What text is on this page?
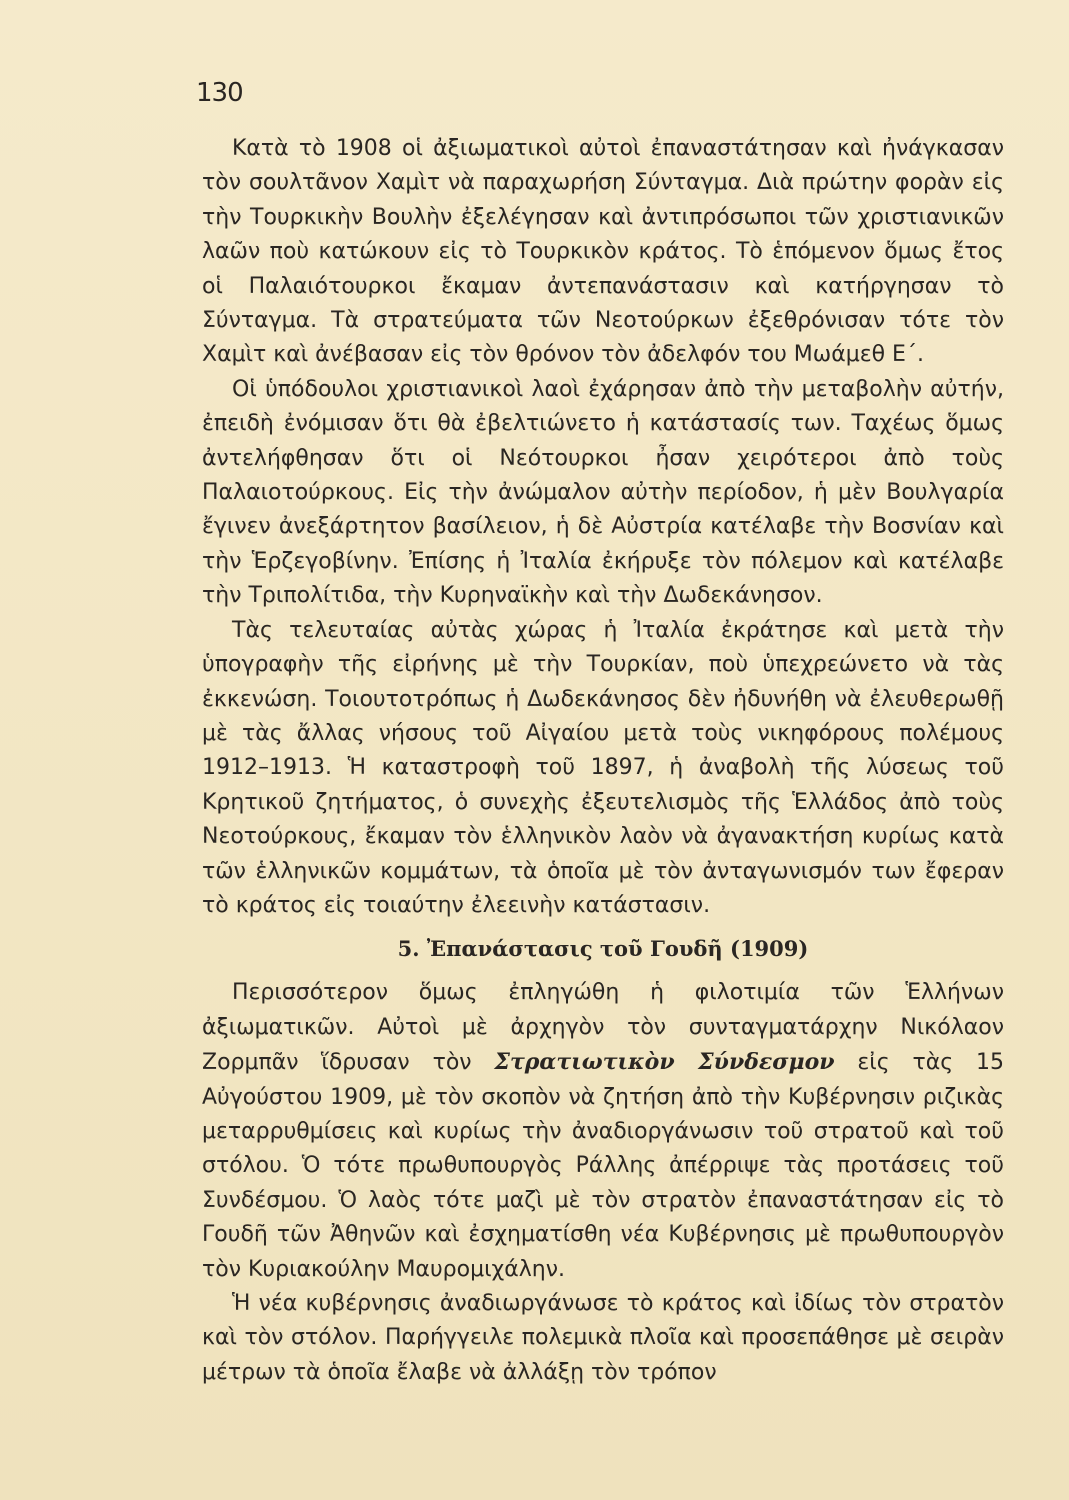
130

Κατὰ τὸ 1908 οἱ ἀξιωματικοὶ αὐτοὶ ἐπαναστάτησαν καὶ ἠνάγκασαν τὸν σουλτᾶνον Χαμὶτ νὰ παραχωρήση Σύνταγμα. Διὰ πρώτην φορὰν εἰς τὴν Τουρκικὴν Βουλὴν ἐξελέγησαν καὶ ἀντιπρόσωποι τῶν χριστιανικῶν λαῶν ποὺ κατώκουν εἰς τὸ Τουρκικὸν κράτος. Τὸ ἑπόμενον ὅμως ἔτος οἱ Παλαιότουρκοι ἔκαμαν ἀντεπανάστασιν καὶ κατήργησαν τὸ Σύνταγμα. Τὰ στρατεύματα τῶν Νεοτούρκων ἐξεθρόνισαν τότε τὸν Χαμὶτ καὶ ἀνέβασαν εἰς τὸν θρόνον τὸν ἀδελφόν του Μωάμεθ Ε΄.

Οἱ ὑπόδουλοι χριστιανικοὶ λαοὶ ἐχάρησαν ἀπὸ τὴν μεταβολὴν αὐτήν, ἐπειδὴ ἐνόμισαν ὅτι θὰ ἐβελτιώνετο ἡ κατάστασίς των. Ταχέως ὅμως ἀντελήφθησαν ὅτι οἱ Νεότουρκοι ἦσαν χειρότεροι ἀπὸ τοὺς Παλαιοτούρκους. Εἰς τὴν ἀνώμαλον αὐτὴν περίοδον, ἡ μὲν Βουλγαρία ἔγινεν ἀνεξάρτητον βασίλειον, ἡ δὲ Αὐστρία κατέλαβε τὴν Βοσνίαν καὶ τὴν Ἑρζεγοβίνην. Ἐπίσης ἡ Ἰταλία ἐκήρυξε τὸν πόλεμον καὶ κατέλαβε τὴν Τριπολίτιδα, τὴν Κυρηναϊκὴν καὶ τὴν Δωδεκάνησον.

Τὰς τελευταίας αὐτὰς χώρας ἡ Ἰταλία ἐκράτησε καὶ μετὰ τὴν ὑπογραφὴν τῆς εἰρήνης μὲ τὴν Τουρκίαν, ποὺ ὑπεχρεώνετο νὰ τὰς ἐκκενώση. Τοιουτοτρόπως ἡ Δωδεκάνησος δὲν ἠδυνήθη νὰ ἐλευθερωθῇ μὲ τὰς ἄλλας νήσους τοῦ Αἰγαίου μετὰ τοὺς νικηφόρους πολέμους 1912–1913. Ἡ καταστροφὴ τοῦ 1897, ἡ ἀναβολὴ τῆς λύσεως τοῦ Κρητικοῦ ζητήματος, ὁ συνεχὴς ἐξευτελισμὸς τῆς Ἑλλάδος ἀπὸ τοὺς Νεοτούρκους, ἔκαμαν τὸν ἑλληνικὸν λαὸν νὰ ἀγανακτήση κυρίως κατὰ τῶν ἑλληνικῶν κομμάτων, τὰ ὁποῖα μὲ τὸν ἀνταγωνισμόν των ἔφεραν τὸ κράτος εἰς τοιαύτην ἐλεεινὴν κατάστασιν.

5. Ἐπανάστασις τοῦ Γουδῆ (1909)

Περισσότερον ὅμως ἐπληγώθη ἡ φιλοτιμία τῶν Ἑλλήνων ἀξιωματικῶν. Αὐτοὶ μὲ ἀρχηγὸν τὸν συνταγματάρχην Νικόλαον Ζορμπᾶν ἵδρυσαν τὸν Στρατιωτικὸν Σύνδεσμον εἰς τὰς 15 Αὐγούστου 1909, μὲ τὸν σκοπὸν νὰ ζητήση ἀπὸ τὴν Κυβέρνησιν ριζικὰς μεταρρυθμίσεις καὶ κυρίως τὴν ἀναδιοργάνωσιν τοῦ στρατοῦ καὶ τοῦ στόλου. Ὁ τότε πρωθυπουργὸς Ράλλης ἀπέρριψε τὰς προτάσεις τοῦ Συνδέσμου. Ὁ λαὸς τότε μαζὶ μὲ τὸν στρατὸν ἐπαναστάτησαν εἰς τὸ Γουδῆ τῶν Ἀθηνῶν καὶ ἐσχηματίσθη νέα Κυβέρνησις μὲ πρωθυπουργὸν τὸν Κυριακούλην Μαυρομιχάλην.

Ἡ νέα κυβέρνησις ἀναδιωργάνωσε τὸ κράτος καὶ ἰδίως τὸν στρατὸν καὶ τὸν στόλον. Παρήγγειλε πολεμικὰ πλοῖα καὶ προσεπάθησε μὲ σειρὰν μέτρων τὰ ὁποῖα ἔλαβε νὰ ἀλλάξῃ τὸν τρόπον
